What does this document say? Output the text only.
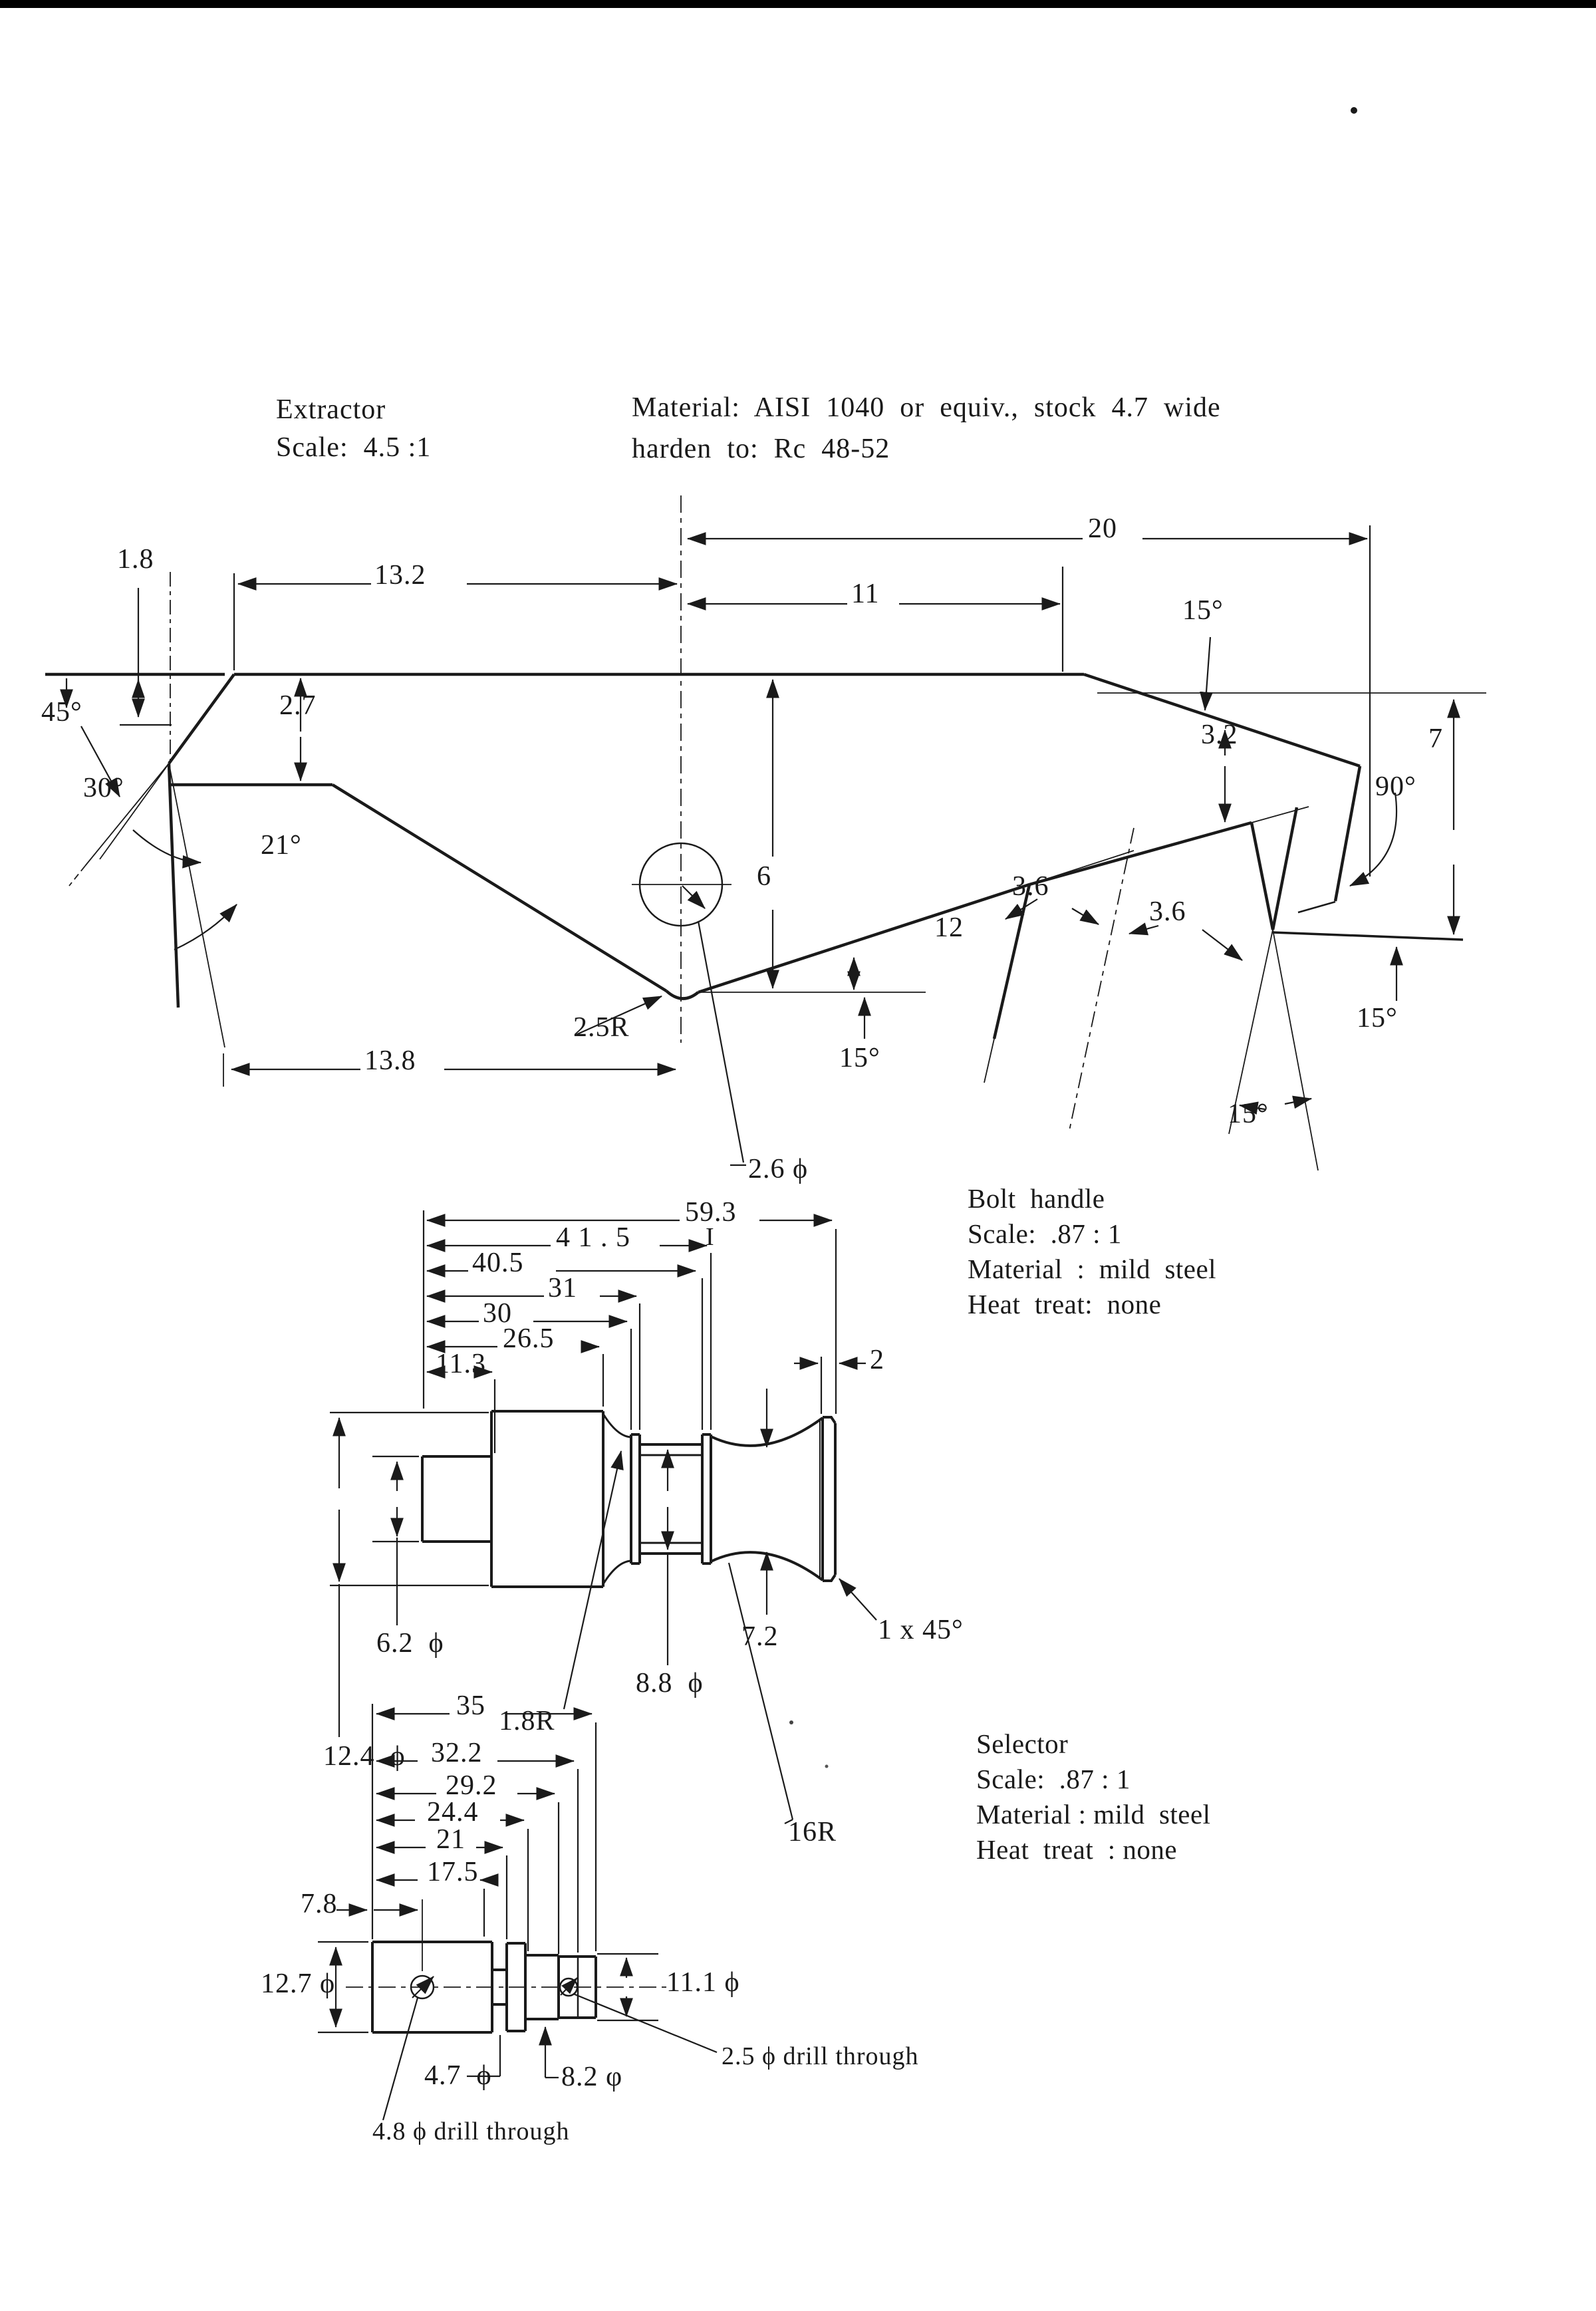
Extractor
Scale:  4.5 :1
Material:  AISI  1040  or  equiv.,  stock  4.7  wide
harden  to:  Rc  48-52
1.8
13.2
45°	2.7
30°
21°
13.8
2.5R
2.6 ϕ
11
6
15°
12
20
15°
90°
7
3.2
3.6
3.6
15°
15°
Bolt  handle
Scale:  .87 : 1
Material  :  mild  steel
Heat  treat:  none
59.3
4 1 . 5 , I
40.5
31
30
26.5
11.3	2
6.2  ϕ
12.4  ϕ
1.8R
8.8  ϕ
7.2	1 x 45°
16R
Selector
Scale:  .87 : 1
Material : mild  steel
Heat  treat  : none
35
32.2
29.2
24.4
21
17.5
7.8
12.7 ϕ	11.1 ϕ
4.7  ϕ 8.2 φ
2.5 ϕ drill through
4.8 ϕ drill through
